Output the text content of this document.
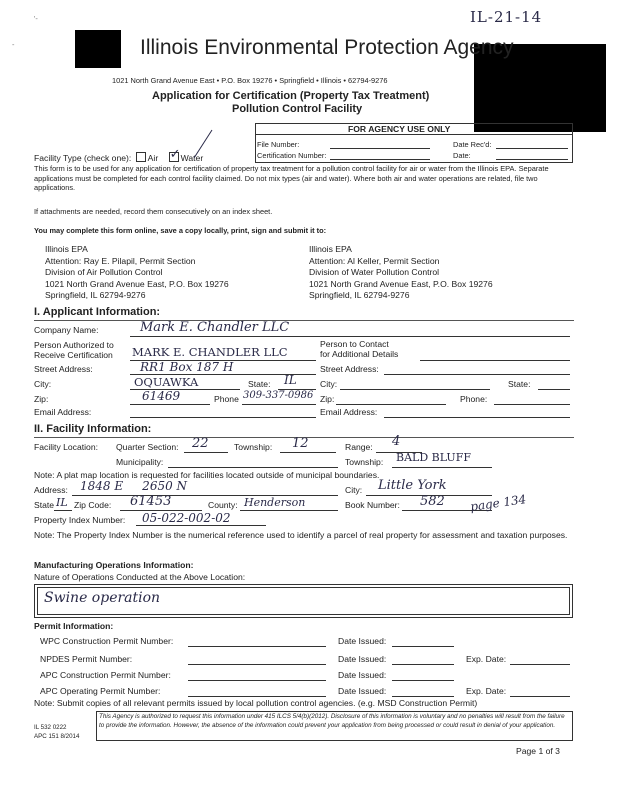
'-
-
IL-21-14
Illinois Environmental Protection Agency
1021 North Grand Avenue East • P.O. Box 19276 • Springfield • Illinois • 62794-9276
Application for Certification (Property Tax Treatment)
Pollution Control Facility
FOR AGENCY USE ONLY
File Number:	Date Rec'd:
Certification Number:	Date:
Facility Type (check one): Air ✓ Water
This form is to be used for any application for certification of property tax treatment for a pollution control facility for air or water from the Illinois EPA. Separate applications must be completed for each control facility claimed. Do not mix types (air and water). Where both air and water operations are related, file two applications.
If attachments are needed, record them consecutively on an index sheet.
You may complete this form online, save a copy locally, print, sign and submit it to:
Illinois EPA
Attention: Ray E. Pilapil, Permit Section
Division of Air Pollution Control
1021 North Grand Avenue East, P.O. Box 19276
Springfield, IL 62794-9276
Illinois EPA
Attention: Al Keller, Permit Section
Division of Water Pollution Control
1021 North Grand Avenue East, P.O. Box 19276
Springfield, IL 62794-9276
I. Applicant Information:
Company Name:	Mark E. Chandler LLC
Person Authorized to
Receive Certification MARK E. CHANDLER LLC
Person to Contact
for Additional Details
Street Address:	RR1 Box 187 H	Street Address:
City:	OQUAWKA	State: IL	City:	State:
Zip:	61469	Phone 309-337-0986 Zip:	Phone:
Email Address:	Email Address:
II. Facility Information:
Facility Location: Quarter Section: 22	Township: 12	Range: 4
Municipality:	Township: BALD BLUFF
Note: A plat map location is requested for facilities located outside of municipal boundaries.
Address: 1848 E     2650 N	City: Little York
State IL Zip Code: 61453	County: Henderson	Book Number: 582 page 134
Property Index Number: 05-022-002-02
Note: The Property Index Number is the numerical reference used to identify a parcel of real property for assessment and taxation purposes.
Manufacturing Operations Information:
Nature of Operations Conducted at the Above Location:
Swine operation
Permit Information:
WPC Construction Permit Number:	Date Issued:
NPDES Permit Number:	Date Issued:	Exp. Date:
APC Construction Permit Number:	Date Issued:
APC Operating Permit Number:	Date Issued:	Exp. Date:
Note: Submit copies of all relevant permits issued by local pollution control agencies. (e.g. MSD Construction Permit)
IL 532 0222
APC 151 8/2014
This Agency is authorized to request this information under 415 ILCS 5/4(b)(2012). Disclosure of this information is voluntary and no penalties will result from the failure to provide the information. However, the absence of the information could prevent your application from being processed or could result in denial of your application.
Page 1 of 3
